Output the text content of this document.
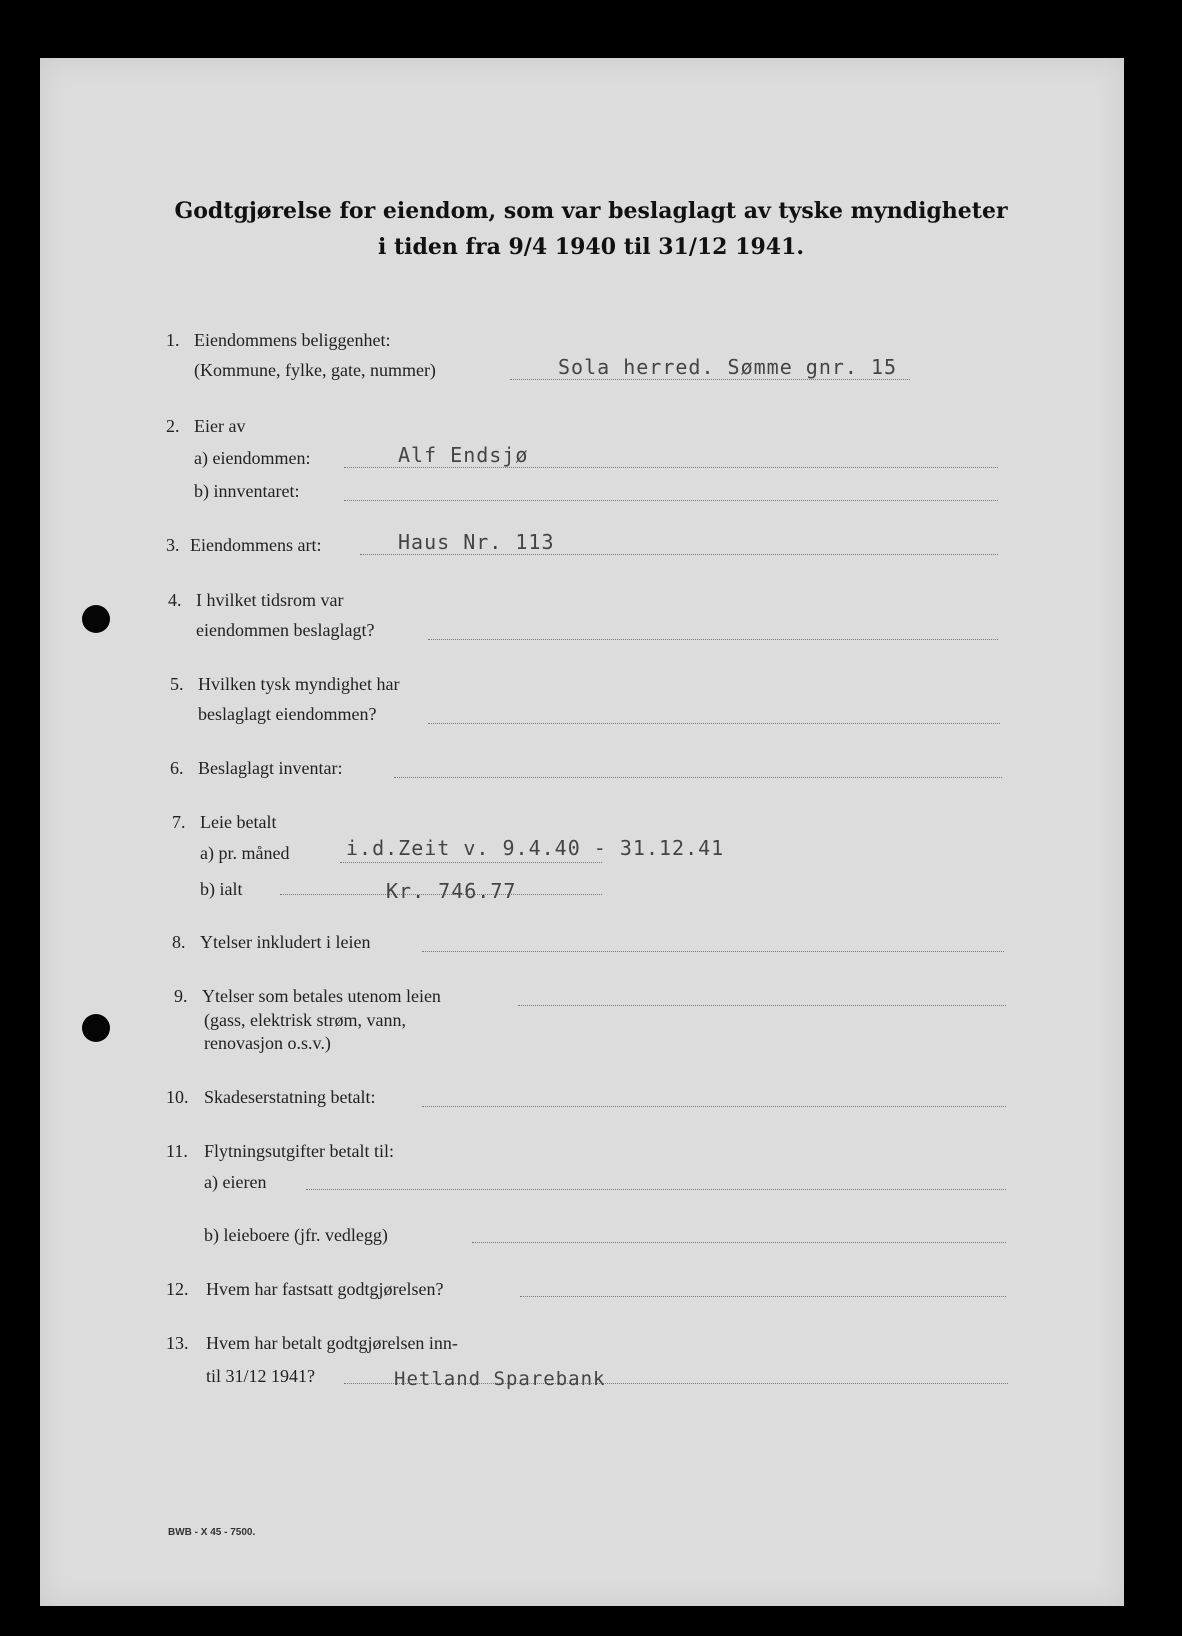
Godtgjørelse for eiendom, som var beslaglagt av tyske myndigheter
i tiden fra 9/4 1940 til 31/12 1941.
1. Eiendommens beliggenhet:
(Kommune, fylke, gate, nummer)	Sola herred. Sømme gnr. 15
2. Eier av
a) eiendommen:	Alf Endsjø
b) innventaret:
3. Eiendommens art:	Haus Nr. 113
4. I hvilket tidsrom var
eiendommen beslaglagt?
5. Hvilken tysk myndighet har
beslaglagt eiendommen?
6. Beslaglagt inventar:
7. Leie betalt
a) pr. måned	i.d.Zeit v. 9.4.40 - 31.12.41
b) ialt	Kr. 746.77
8. Ytelser inkludert i leien
9. Ytelser som betales utenom leien
(gass, elektrisk strøm, vann,
renovasjon o.s.v.)
10. Skadeserstatning betalt:
11. Flytningsutgifter betalt til:
a) eieren
b) leieboere (jfr. vedlegg)
12. Hvem har fastsatt godtgjørelsen?
13. Hvem har betalt godtgjørelsen inn-
til 31/12 1941?	Hetland Sparebank
BWB - X 45 - 7500.
